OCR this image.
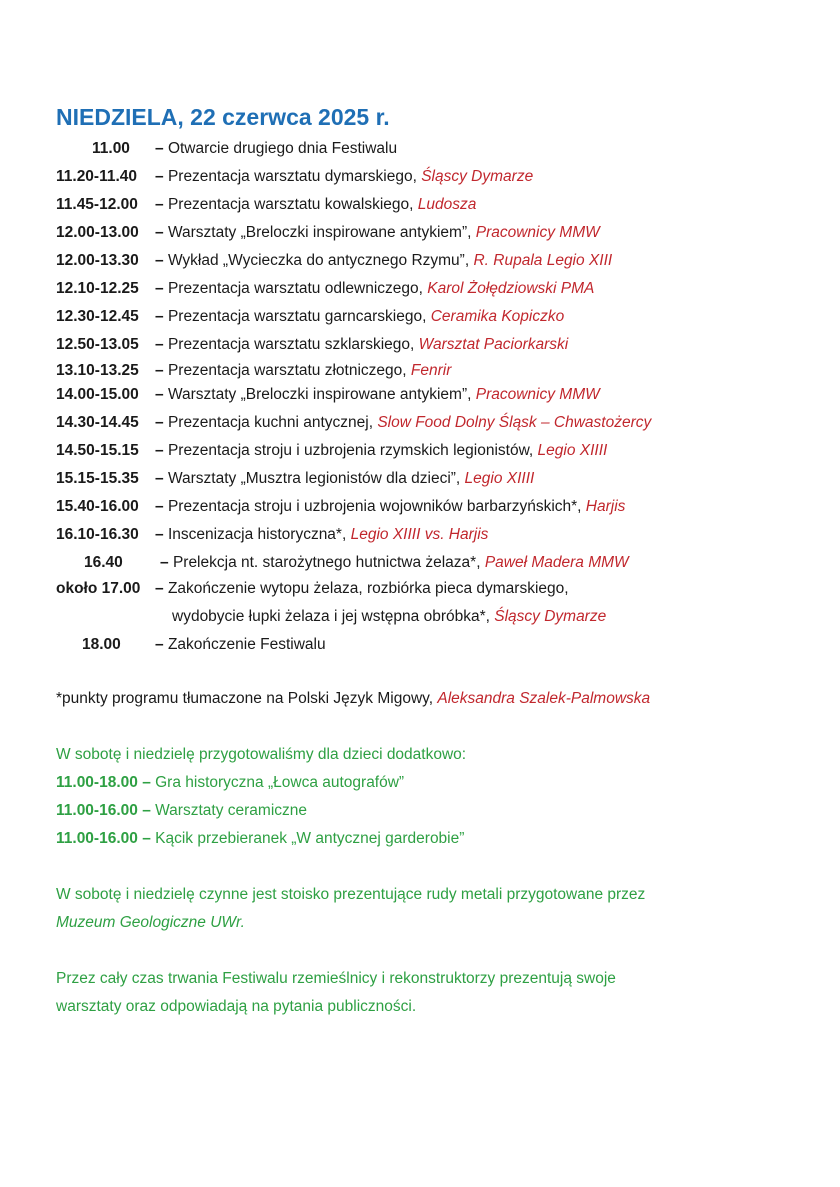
NIEDZIELA, 22 czerwca 2025 r.
11.00 – Otwarcie drugiego dnia Festiwalu
11.20-11.40 – Prezentacja warsztatu dymarskiego, Śląscy Dymarze
11.45-12.00 – Prezentacja warsztatu kowalskiego, Ludosza
12.00-13.00 – Warsztaty „Breloczki inspirowane antykiem”, Pracownicy MMW
12.00-13.30 – Wykład „Wycieczka do antycznego Rzymu”, R. Rupala Legio XIII
12.10-12.25 – Prezentacja warsztatu odlewniczego, Karol Żołędziowski PMA
12.30-12.45 – Prezentacja warsztatu garncarskiego, Ceramika Kopiczko
12.50-13.05 – Prezentacja warsztatu szklarskiego, Warsztat Paciorkarski
13.10-13.25 – Prezentacja warsztatu złotniczego, Fenrir
14.00-15.00 – Warsztaty „Breloczki inspirowane antykiem”, Pracownicy MMW
14.30-14.45 – Prezentacja kuchni antycznej, Slow Food Dolny Śląsk – Chwastożercy
14.50-15.15 – Prezentacja stroju i uzbrojenia rzymskich legionistów, Legio XIIII
15.15-15.35 – Warsztaty „Musztra legionistów dla dzieci”, Legio XIIII
15.40-16.00 – Prezentacja stroju i uzbrojenia wojowników barbarzyńskich*, Harjis
16.10-16.30 – Inscenizacja historyczna*, Legio XIIII vs. Harjis
16.40 – Prelekcja nt. starożytnego hutnictwa żelaza*, Paweł Madera MMW
około 17.00 – Zakończenie wytopu żelaza, rozbiórka pieca dymarskiego,
wydobycie łupki żelaza i jej wstępna obróbka*, Śląscy Dymarze
18.00 – Zakończenie Festiwalu
*punkty programu tłumaczone na Polski Język Migowy, Aleksandra Szalek-Palmowska
W sobotę i niedzielę przygotowaliśmy dla dzieci dodatkowo:
11.00-18.00 – Gra historyczna „Łowca autografów”
11.00-16.00 – Warsztaty ceramiczne
11.00-16.00 – Kącik przebieranek „W antycznej garderobie”
W sobotę i niedzielę czynne jest stoisko prezentujące rudy metali przygotowane przez
Muzeum Geologiczne UWr.
Przez cały czas trwania Festiwalu rzemieślnicy i rekonstruktorzy prezentują swoje
warsztaty oraz odpowiadają na pytania publiczności.
